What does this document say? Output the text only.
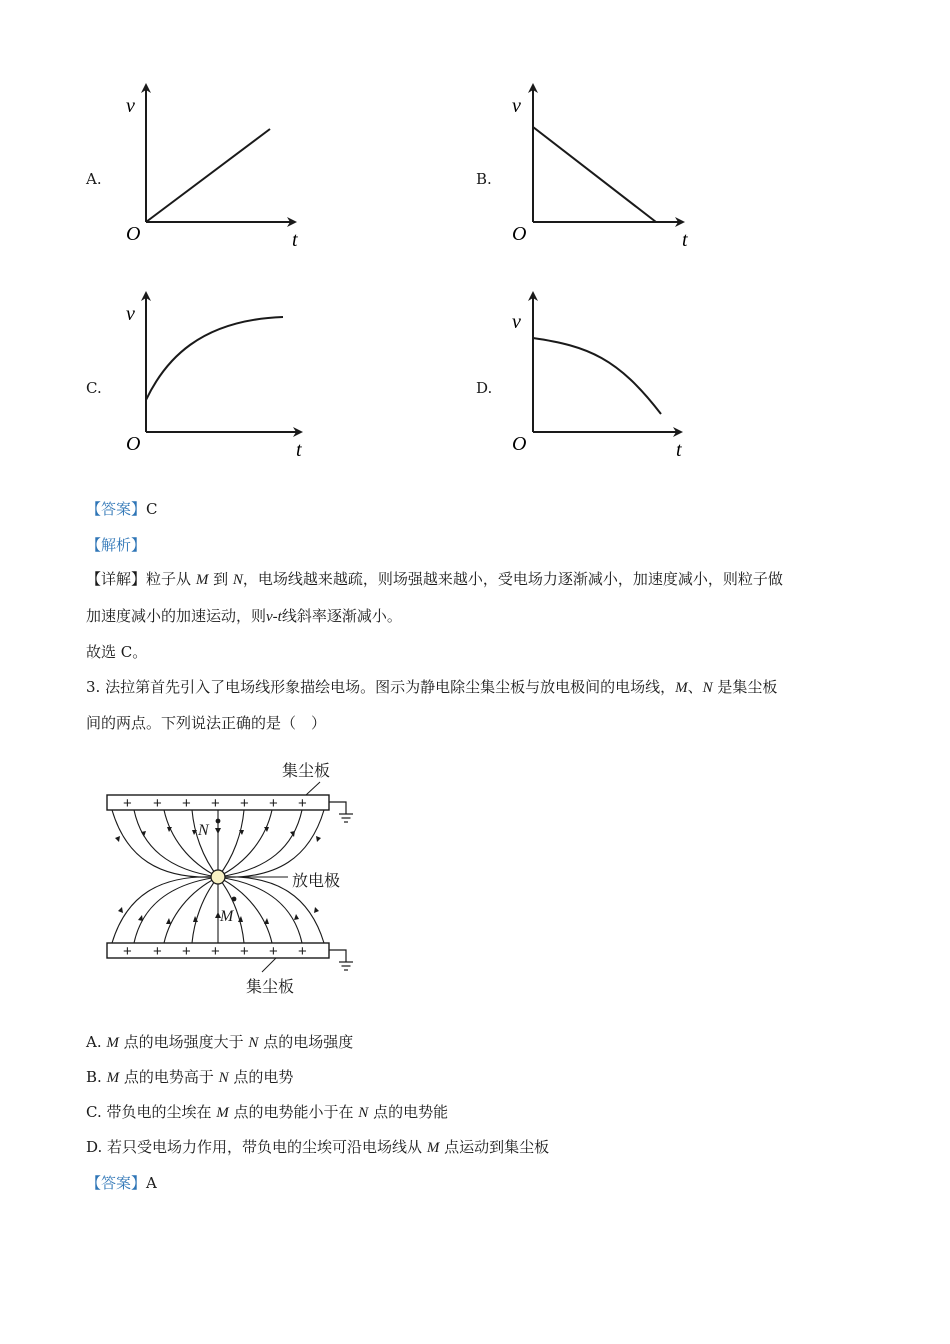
A.
v
O	t
B.
v
O	t
C.
v
O	t
D.
v
O	t
【答案】C
【解析】
【详解】粒子从 M 到 N，电场线越来越疏，则场强越来越小，受电场力逐渐减小，加速度减小，则粒子做
加速度减小的加速运动，则v-t线斜率逐渐减小。
故选 C。
3. 法拉第首先引入了电场线形象描绘电场。图示为静电除尘集尘板与放电极间的电场线，M、N 是集尘板
间的两点。下列说法正确的是（　）
+ + + + + + +
+ + + + + + +
N
M
集尘板
放电极
集尘板
A. M 点的电场强度大于 N 点的电场强度
B. M 点的电势高于 N 点的电势
C. 带负电的尘埃在 M 点的电势能小于在 N 点的电势能
D. 若只受电场力作用，带负电的尘埃可沿电场线从 M 点运动到集尘板
【答案】A
